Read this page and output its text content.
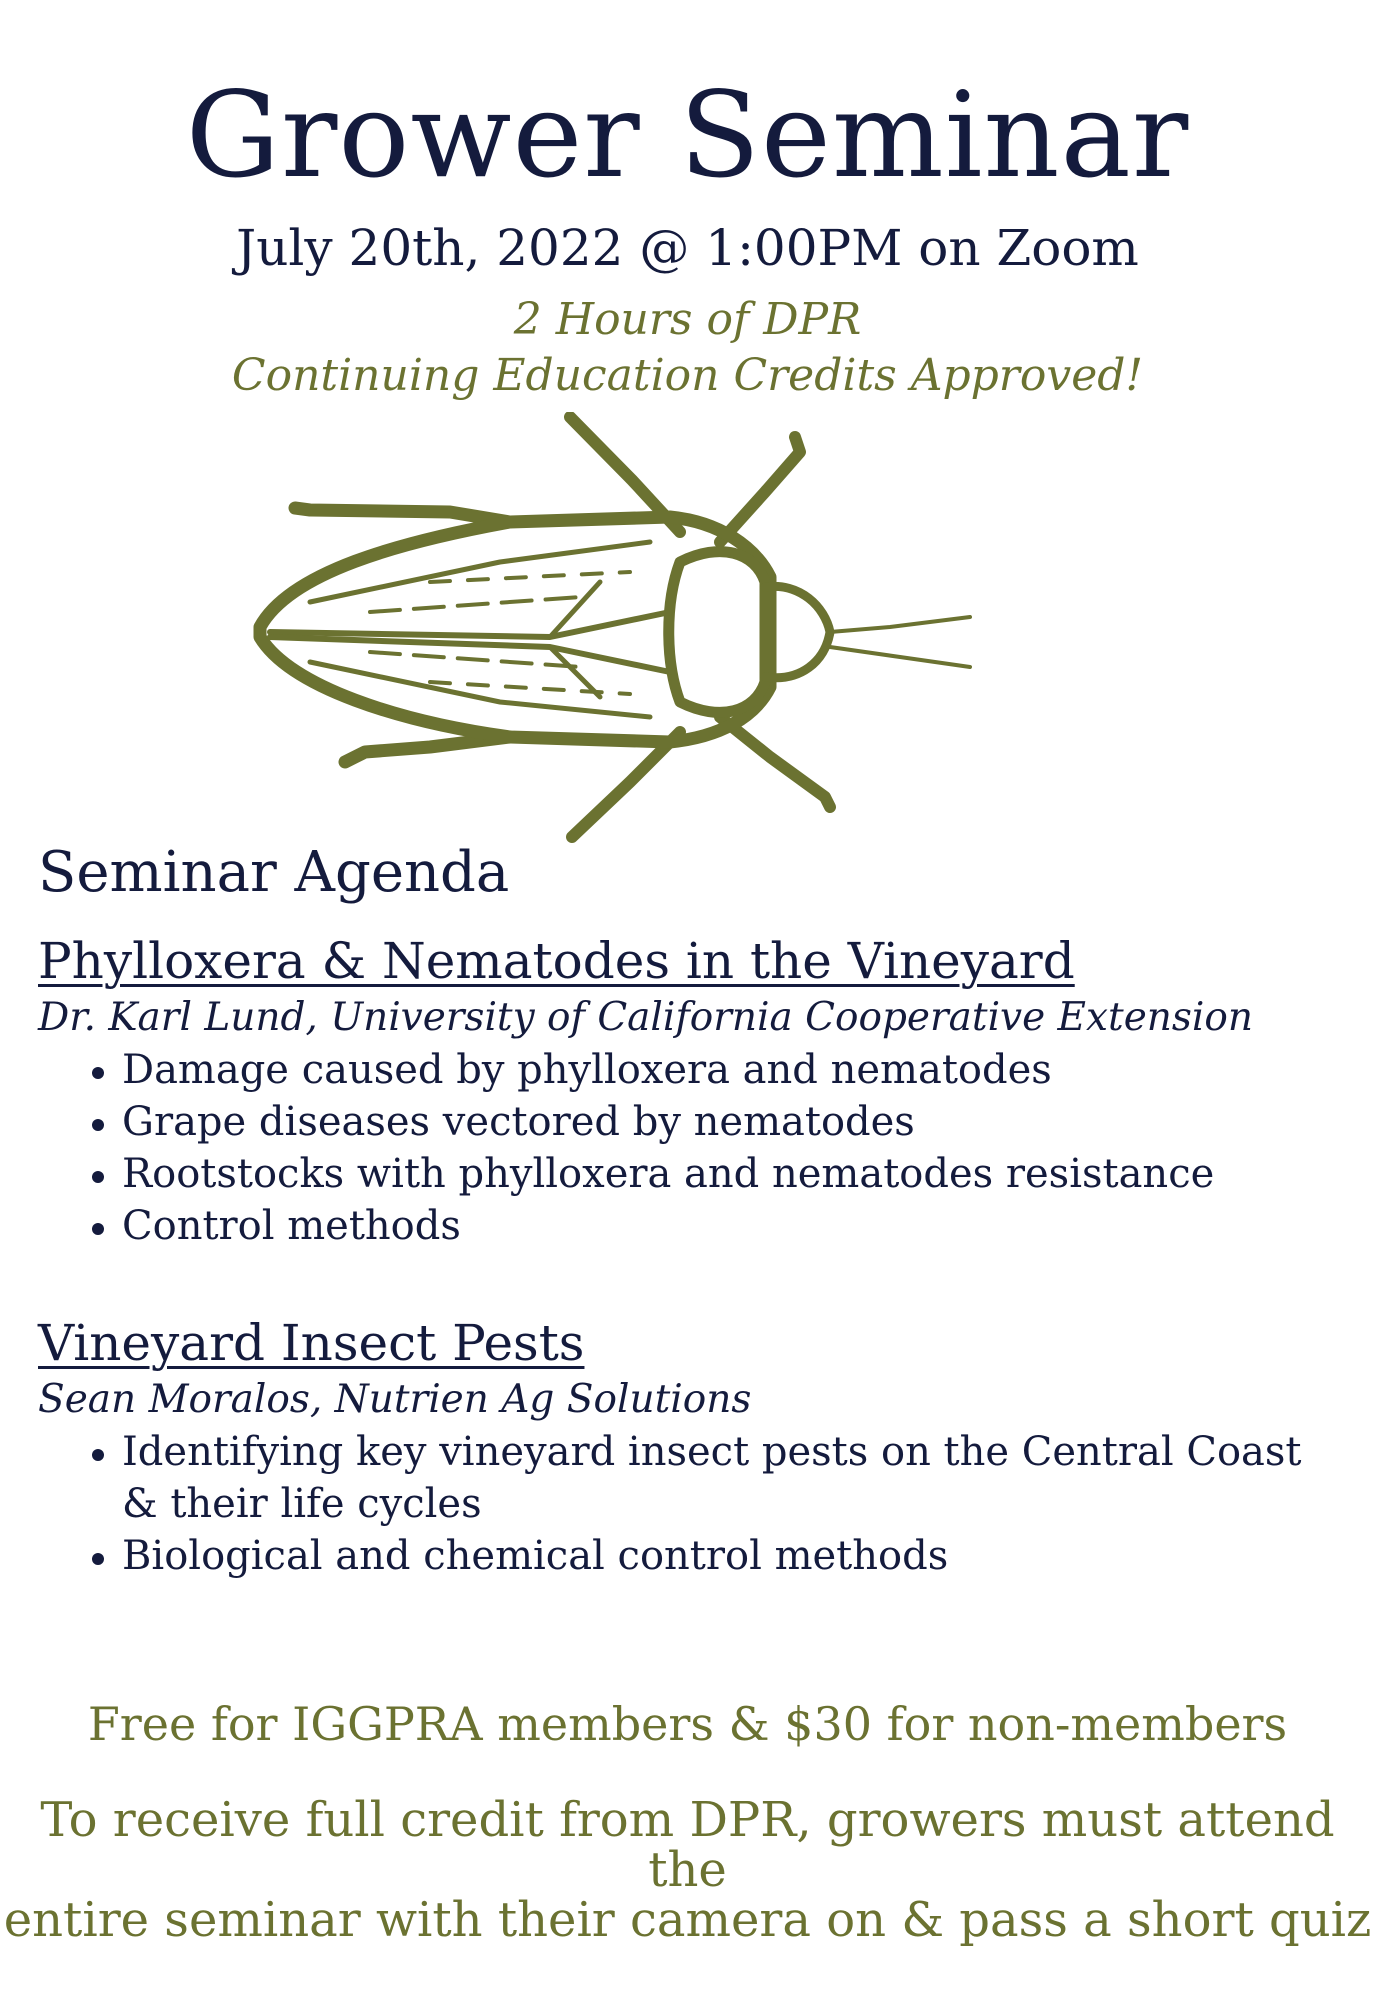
Grower Seminar
July 20th, 2022 @ 1:00PM on Zoom
2 Hours of DPR
Continuing Education Credits Approved!
Seminar Agenda
Phylloxera & Nematodes in the Vineyard
Dr. Karl Lund, University of California Cooperative Extension
Damage caused by phylloxera and nematodes
Grape diseases vectored by nematodes
Rootstocks with phylloxera and nematodes resistance
Control methods
Vineyard Insect Pests
Sean Moralos, Nutrien Ag Solutions
Identifying key vineyard insect pests on the Central Coast & their life cycles
Biological and chemical control methods
Free for IGGPRA members & $30 for non-members
To receive full credit from DPR, growers must attend the
entire seminar with their camera on & pass a short quiz
